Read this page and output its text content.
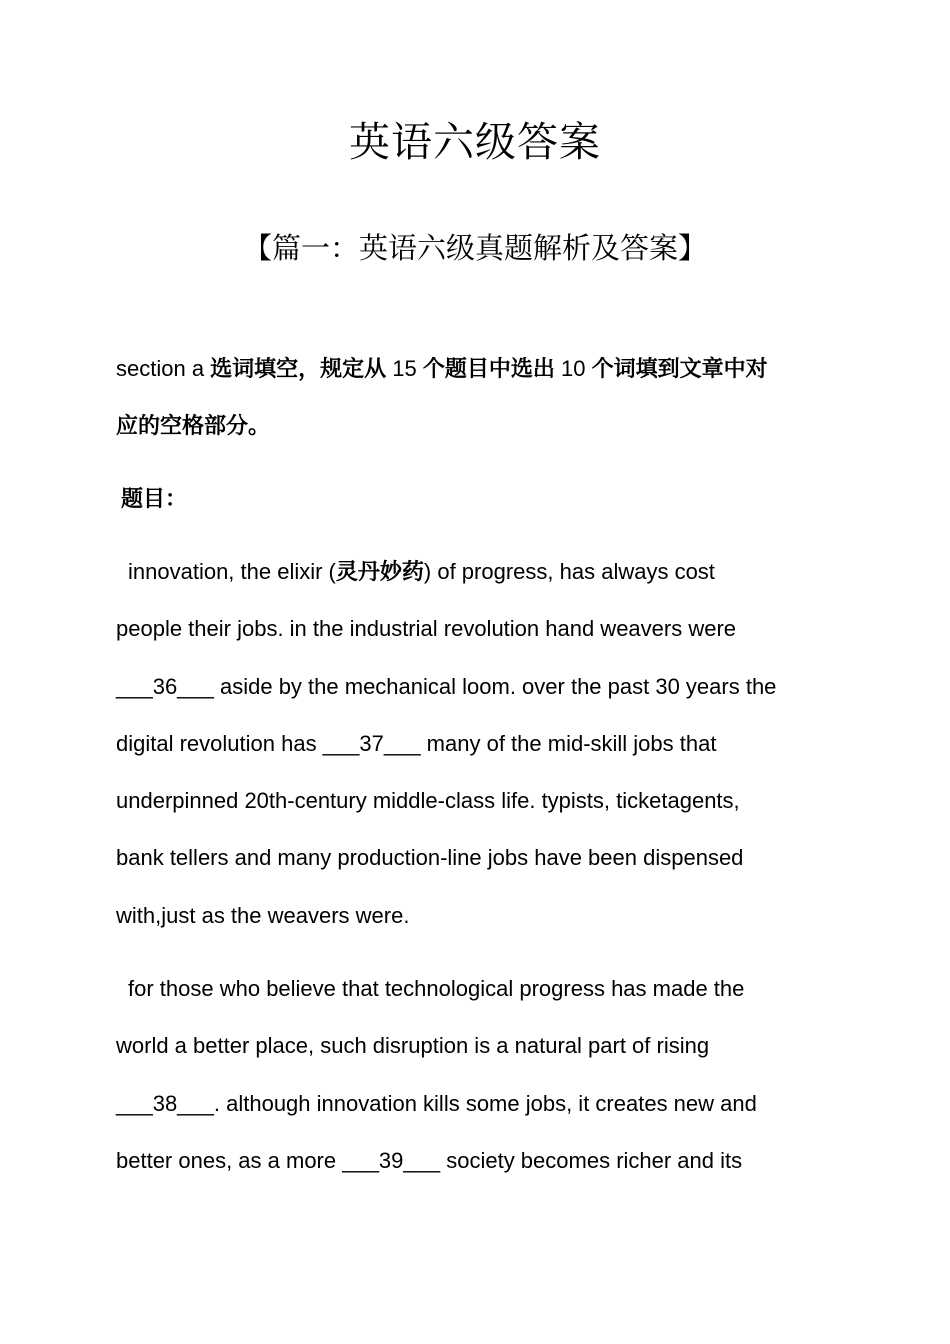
英语六级答案
【篇一：英语六级真题解析及答案】
section a 选词填空，规定从 15 个题目中选出 10 个词填到文章中对
应的空格部分。
题目：
innovation, the elixir (灵丹妙药) of progress, has always cost
people their jobs. in the industrial revolution hand weavers were
___36___ aside by the mechanical loom. over the past 30 years the
digital revolution has ___37___ many of the mid-skill jobs that
underpinned 20th-century middle-class life. typists, ticketagents,
bank tellers and many production-line jobs have been dispensed
with,just as the weavers were.
for those who believe that technological progress has made the
world a better place, such disruption is a natural part of rising
___38___. although innovation kills some jobs, it creates new and
better ones, as a more ___39___ society becomes richer and its
